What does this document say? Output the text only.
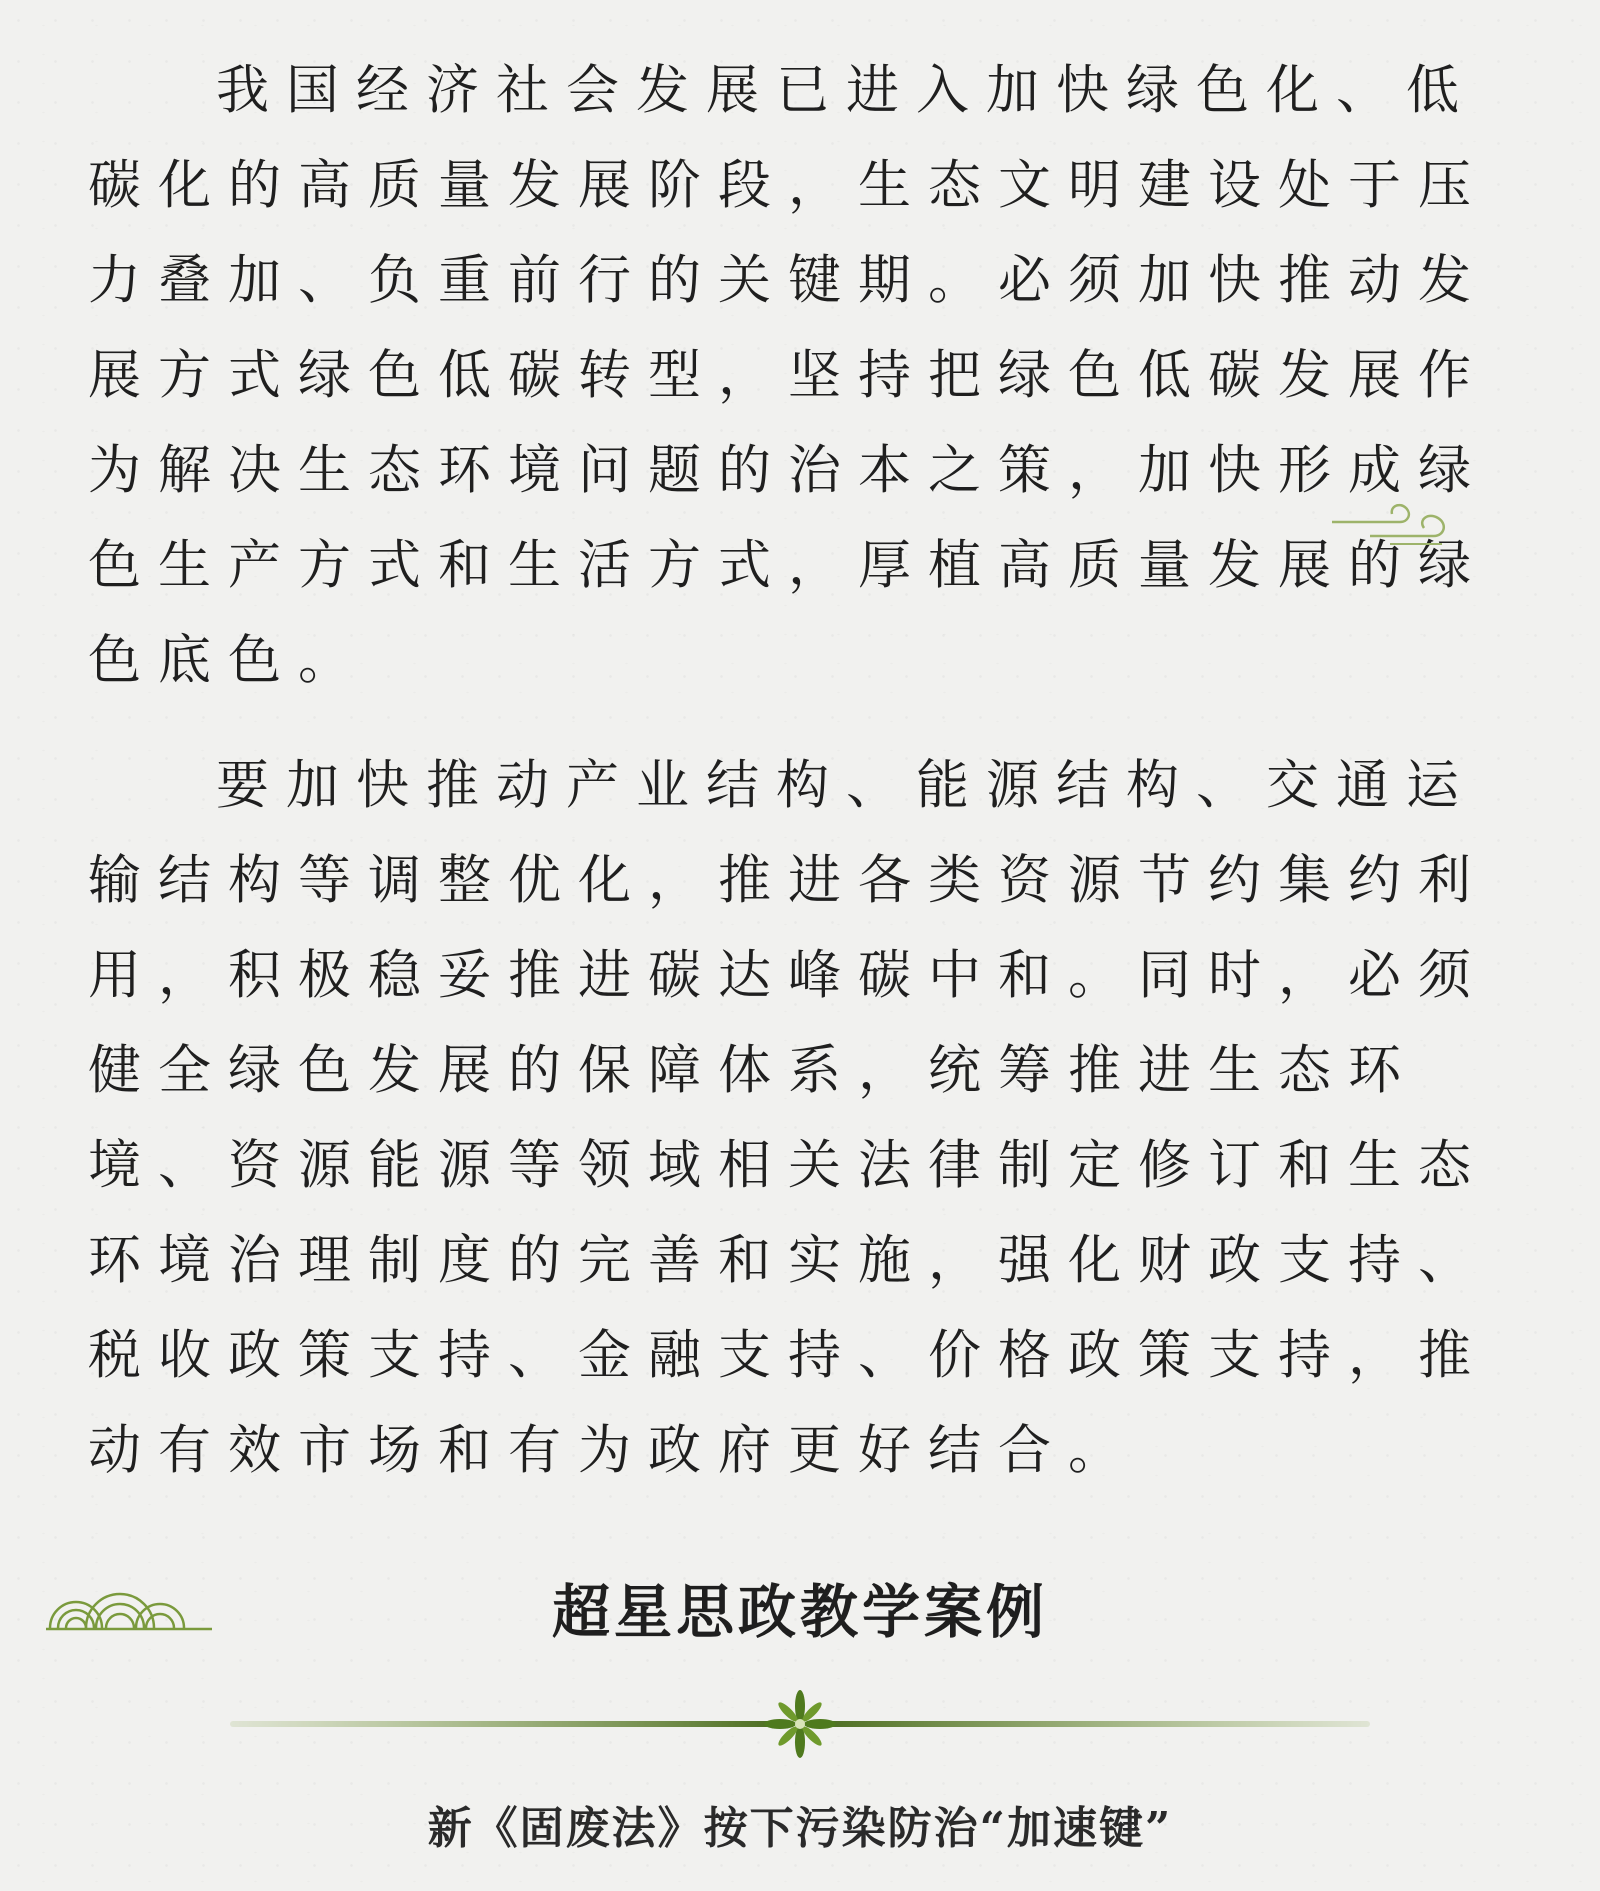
我国经济社会发展已进入加快绿色化、低碳化的高质量发展阶段，生态文明建设处于压力叠加、负重前行的关键期。必须加快推动发展方式绿色低碳转型，坚持把绿色低碳发展作为解决生态环境问题的治本之策，加快形成绿色生产方式和生活方式，厚植高质量发展的绿色底色。

要加快推动产业结构、能源结构、交通运输结构等调整优化，推进各类资源节约集约利用，积极稳妥推进碳达峰碳中和。同时，必须健全绿色发展的保障体系，统筹推进生态环境、资源能源等领域相关法律制定修订和生态环境治理制度的完善和实施，强化财政支持、税收政策支持、金融支持、价格政策支持，推动有效市场和有为政府更好结合。

超星思政教学案例

新《固废法》按下污染防治“加速键”
